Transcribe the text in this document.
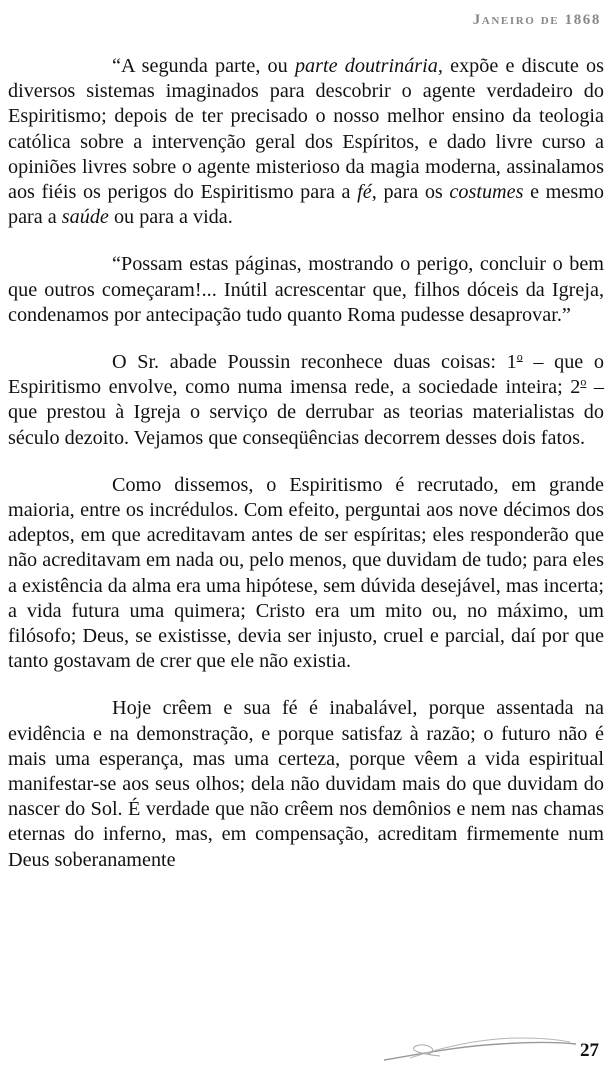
Janeiro de 1868

“A segunda parte, ou parte doutrinária, expõe e discute os diversos sistemas imaginados para descobrir o agente verdadeiro do Espiritismo; depois de ter precisado o nosso melhor ensino da teologia católica sobre a intervenção geral dos Espíritos, e dado livre curso a opiniões livres sobre o agente misterioso da magia moderna, assinalamos aos fiéis os perigos do Espiritismo para a fé, para os costumes e mesmo para a saúde ou para a vida.

“Possam estas páginas, mostrando o perigo, concluir o bem que outros começaram!... Inútil acrescentar que, filhos dóceis da Igreja, condenamos por antecipação tudo quanto Roma pudesse desaprovar.”

O Sr. abade Poussin reconhece duas coisas: 1$^o$ – que o Espiritismo envolve, como numa imensa rede, a sociedade inteira; 2$^o$ – que prestou à Igreja o serviço de derrubar as teorias materialistas do século dezoito. Vejamos que conseqüências decorrem desses dois fatos.

Como dissemos, o Espiritismo é recrutado, em grande maioria, entre os incrédulos. Com efeito, perguntai aos nove décimos dos adeptos, em que acreditavam antes de ser espíritas; eles responderão que não acreditavam em nada ou, pelo menos, que duvidam de tudo; para eles a existência da alma era uma hipótese, sem dúvida desejável, mas incerta; a vida futura uma quimera; Cristo era um mito ou, no máximo, um filósofo; Deus, se existisse, devia ser injusto, cruel e parcial, daí por que tanto gostavam de crer que ele não existia.

Hoje crêem e sua fé é inabalável, porque assentada na evidência e na demonstração, e porque satisfaz à razão; o futuro não é mais uma esperança, mas uma certeza, porque vêem a vida espiritual manifestar-se aos seus olhos; dela não duvidam mais do que duvidam do nascer do Sol. É verdade que não crêem nos demônios e nem nas chamas eternas do inferno, mas, em compensação, acreditam firmemente num Deus soberanamente

27
